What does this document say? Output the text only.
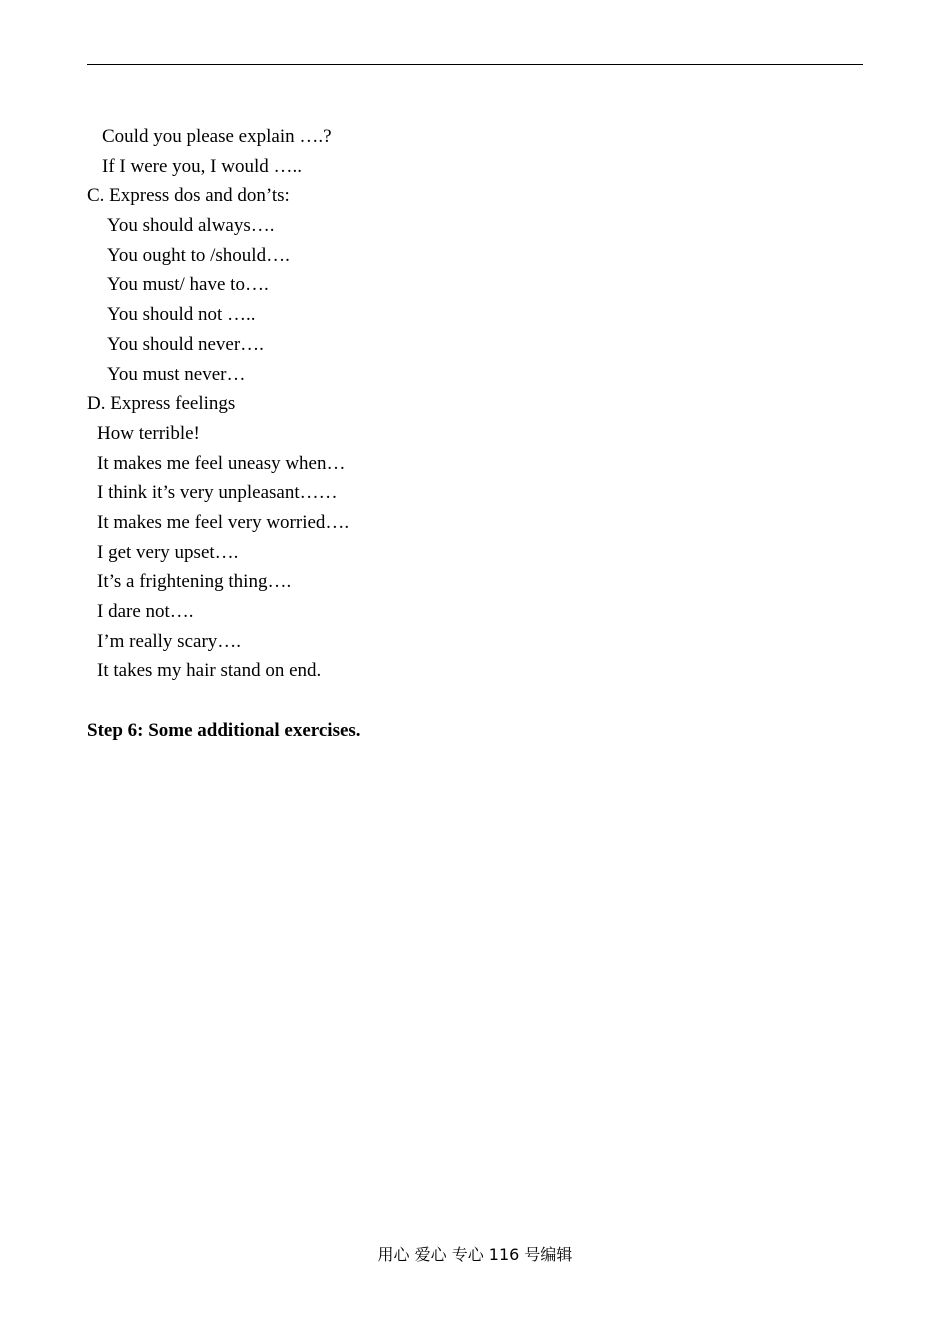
Could you please explain ….?
If I were you, I would …..
C. Express dos and don’ts:
You should always….
You ought to /should….
You must/ have to….
You should not …..
You should never….
You must never…
D. Express feelings
How terrible!
It makes me feel uneasy when…
I think it’s very unpleasant……
It makes me feel very worried….
I get very upset….
It’s a frightening thing….
I dare not….
I’m really scary….
It takes my hair stand on end.
Step 6: Some additional exercises.
用心 爱心 专心 116 号编辑
